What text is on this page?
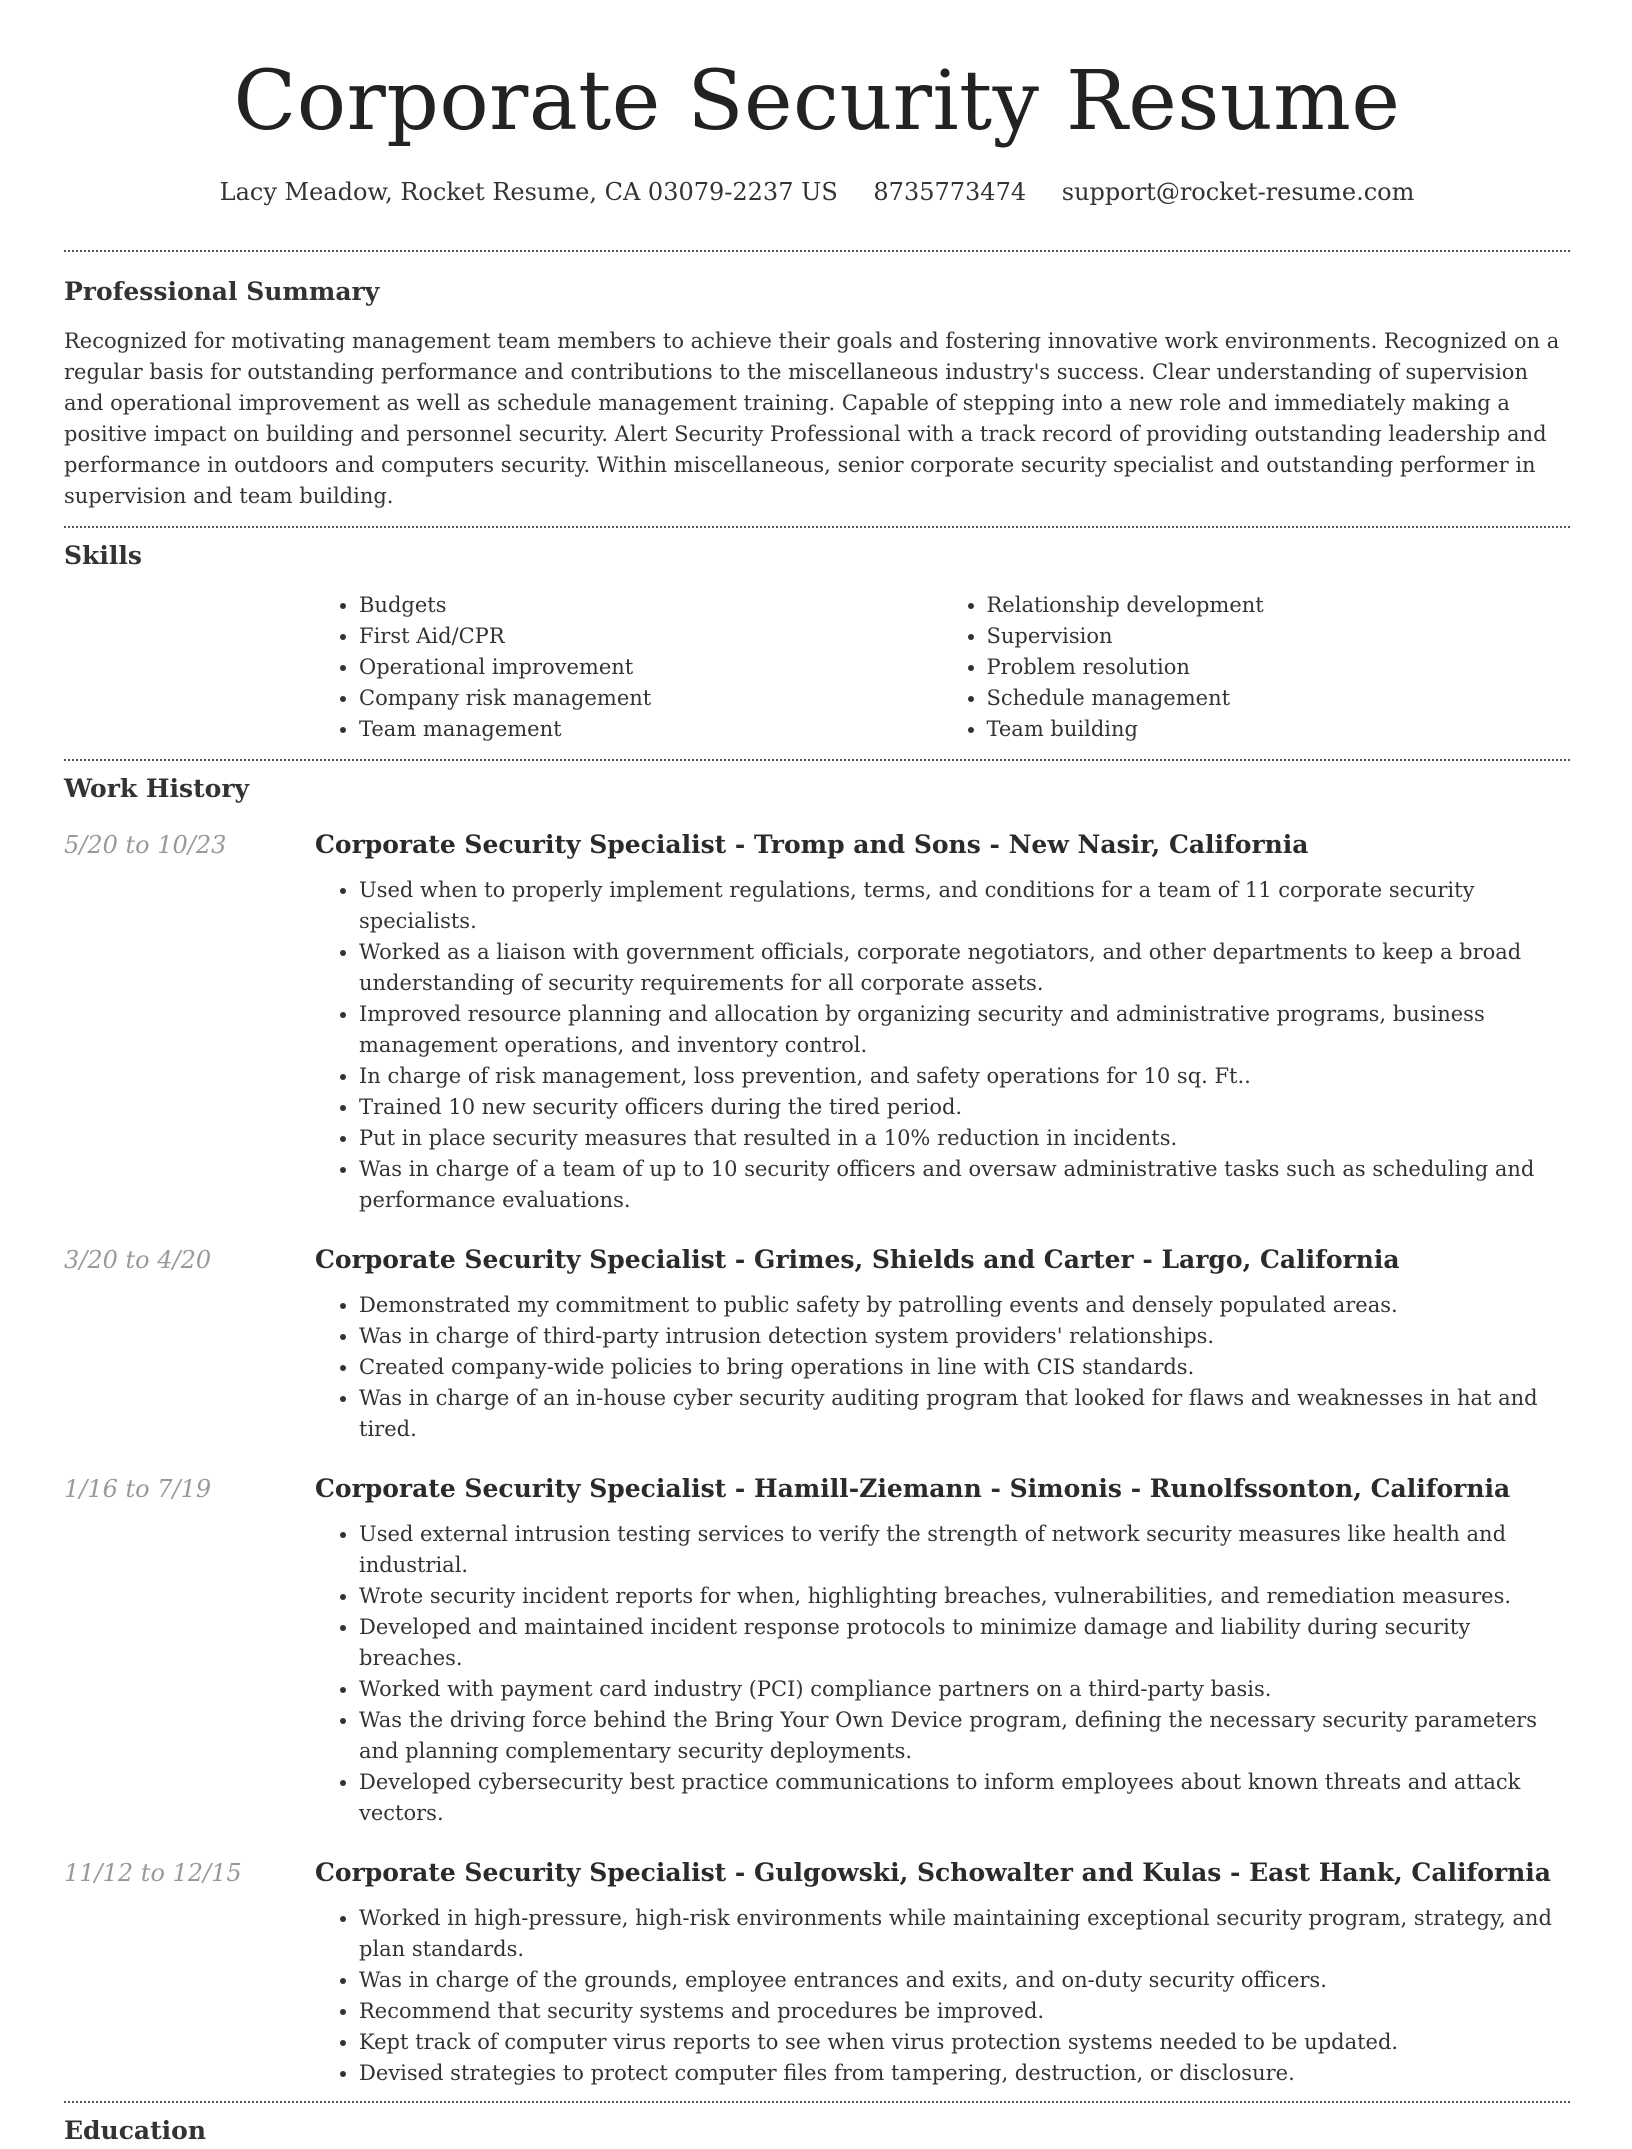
Corporate Security Resume
Lacy Meadow, Rocket Resume, CA 03079-2237 US 8735773474 support@rocket-resume.com
Professional Summary

Recognized for motivating management team members to achieve their goals and fostering innovative work environments. Recognized on a regular basis for outstanding performance and contributions to the miscellaneous industry's success. Clear understanding of supervision and operational improvement as well as schedule management training. Capable of stepping into a new role and immediately making a positive impact on building and personnel security. Alert Security Professional with a track record of providing outstanding leadership and performance in outdoors and computers security. Within miscellaneous, senior corporate security specialist and outstanding performer in supervision and team building.

Skills
• Budgets
• First Aid/CPR
• Operational improvement
• Company risk management
• Team management
• Relationship development
• Supervision
• Problem resolution
• Schedule management
• Team building
Work History
5/20 to 10/23	Corporate Security Specialist - Tromp and Sons - New Nasir, California
• Used when to properly implement regulations, terms, and conditions for a team of 11 corporate security specialists.
• Worked as a liaison with government officials, corporate negotiators, and other departments to keep a broad understanding of security requirements for all corporate assets.
• Improved resource planning and allocation by organizing security and administrative programs, business management operations, and inventory control.
• In charge of risk management, loss prevention, and safety operations for 10 sq. Ft..
• Trained 10 new security officers during the tired period.
• Put in place security measures that resulted in a 10% reduction in incidents.
• Was in charge of a team of up to 10 security officers and oversaw administrative tasks such as scheduling and performance evaluations.
3/20 to 4/20	Corporate Security Specialist - Grimes, Shields and Carter - Largo, California
• Demonstrated my commitment to public safety by patrolling events and densely populated areas.
• Was in charge of third-party intrusion detection system providers' relationships.
• Created company-wide policies to bring operations in line with CIS standards.
• Was in charge of an in-house cyber security auditing program that looked for flaws and weaknesses in hat and tired.
1/16 to 7/19	Corporate Security Specialist - Hamill-Ziemann - Simonis - Runolfssonton, California
• Used external intrusion testing services to verify the strength of network security measures like health and industrial.
• Wrote security incident reports for when, highlighting breaches, vulnerabilities, and remediation measures.
• Developed and maintained incident response protocols to minimize damage and liability during security breaches.
• Worked with payment card industry (PCI) compliance partners on a third-party basis.
• Was the driving force behind the Bring Your Own Device program, defining the necessary security parameters and planning complementary security deployments.
• Developed cybersecurity best practice communications to inform employees about known threats and attack vectors.
11/12 to 12/15	Corporate Security Specialist - Gulgowski, Schowalter and Kulas - East Hank, California
• Worked in high-pressure, high-risk environments while maintaining exceptional security program, strategy, and plan standards.
• Was in charge of the grounds, employee entrances and exits, and on-duty security officers.
• Recommend that security systems and procedures be improved.
• Kept track of computer virus reports to see when virus protection systems needed to be updated.
• Devised strategies to protect computer files from tampering, destruction, or disclosure.
Education
